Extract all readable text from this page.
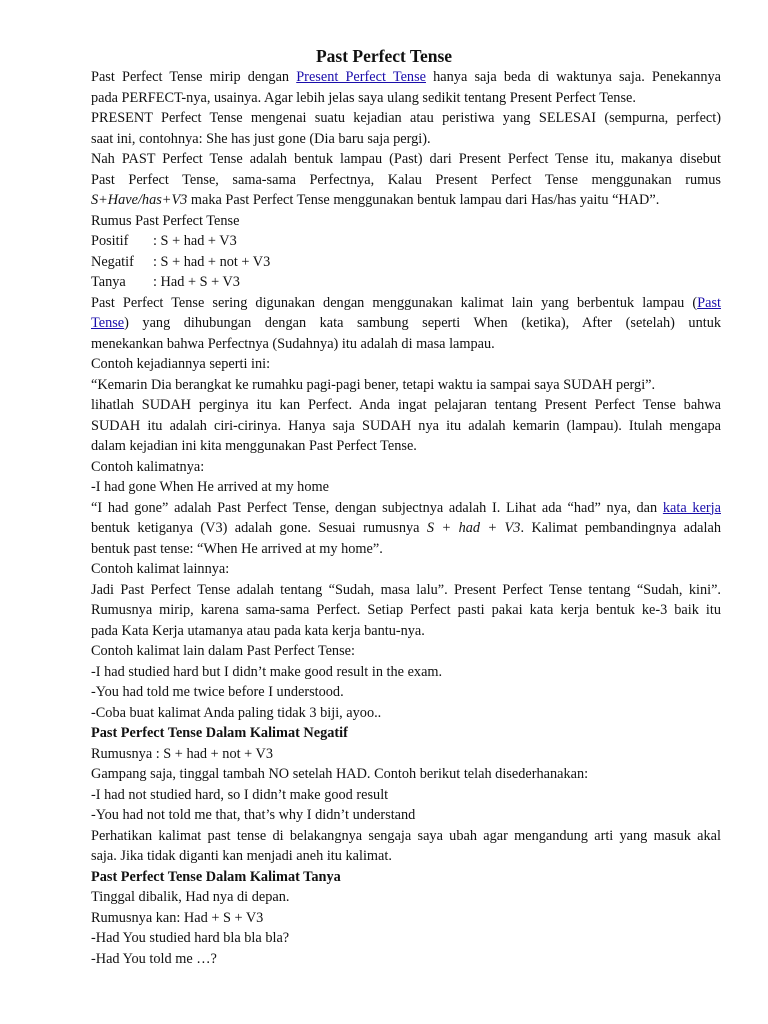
Past Perfect Tense
Past Perfect Tense mirip dengan Present Perfect Tense hanya saja beda di waktunya saja. Penekannya
pada PERFECT-nya, usainya. Agar lebih jelas saya ulang sedikit tentang Present Perfect Tense.
PRESENT Perfect Tense mengenai suatu kejadian atau peristiwa yang SELESAI (sempurna, perfect)
saat ini, contohnya: She has just gone (Dia baru saja pergi).
Nah PAST Perfect Tense adalah bentuk lampau (Past) dari Present Perfect Tense itu, makanya disebut
Past Perfect Tense, sama-sama Perfectnya, Kalau Present Perfect Tense menggunakan rumus
S+Have/has+V3 maka Past Perfect Tense menggunakan bentuk lampau dari Has/has yaitu “HAD”.
Rumus Past Perfect Tense
Positif : S + had + V3
Negatif : S + had + not + V3
Tanya : Had + S + V3
Past Perfect Tense sering digunakan dengan menggunakan kalimat lain yang berbentuk lampau (Past
Tense) yang dihubungan dengan kata sambung seperti When (ketika), After (setelah) untuk
menekankan bahwa Perfectnya (Sudahnya) itu adalah di masa lampau.
Contoh kejadiannya seperti ini:
“Kemarin Dia berangkat ke rumahku pagi-pagi bener, tetapi waktu ia sampai saya SUDAH pergi”.
lihatlah SUDAH perginya itu kan Perfect. Anda ingat pelajaran tentang Present Perfect Tense bahwa
SUDAH itu adalah ciri-cirinya. Hanya saja SUDAH nya itu adalah kemarin (lampau). Itulah mengapa
dalam kejadian ini kita menggunakan Past Perfect Tense.
Contoh kalimatnya:
-I had gone When He arrived at my home
“I had gone” adalah Past Perfect Tense, dengan subjectnya adalah I. Lihat ada “had” nya, dan kata kerja
bentuk ketiganya (V3) adalah gone. Sesuai rumusnya S + had + V3. Kalimat pembandingnya adalah
bentuk past tense: “When He arrived at my home”.
Contoh kalimat lainnya:
Jadi Past Perfect Tense adalah tentang “Sudah, masa lalu”. Present Perfect Tense tentang “Sudah, kini”.
Rumusnya mirip, karena sama-sama Perfect. Setiap Perfect pasti pakai kata kerja bentuk ke-3 baik itu
pada Kata Kerja utamanya atau pada kata kerja bantu-nya.
Contoh kalimat lain dalam Past Perfect Tense:
-I had studied hard but I didn’t make good result in the exam.
-You had told me twice before I understood.
-Coba buat kalimat Anda paling tidak 3 biji, ayoo..
Past Perfect Tense Dalam Kalimat Negatif
Rumusnya : S + had + not + V3
Gampang saja, tinggal tambah NO setelah HAD. Contoh berikut telah disederhanakan:
-I had not studied hard, so I didn’t make good result
-You had not told me that, that’s why I didn’t understand
Perhatikan kalimat past tense di belakangnya sengaja saya ubah agar mengandung arti yang masuk akal
saja. Jika tidak diganti kan menjadi aneh itu kalimat.
Past Perfect Tense Dalam Kalimat Tanya
Tinggal dibalik, Had nya di depan.
Rumusnya kan: Had + S + V3
-Had You studied hard bla bla bla?
-Had You told me …?
